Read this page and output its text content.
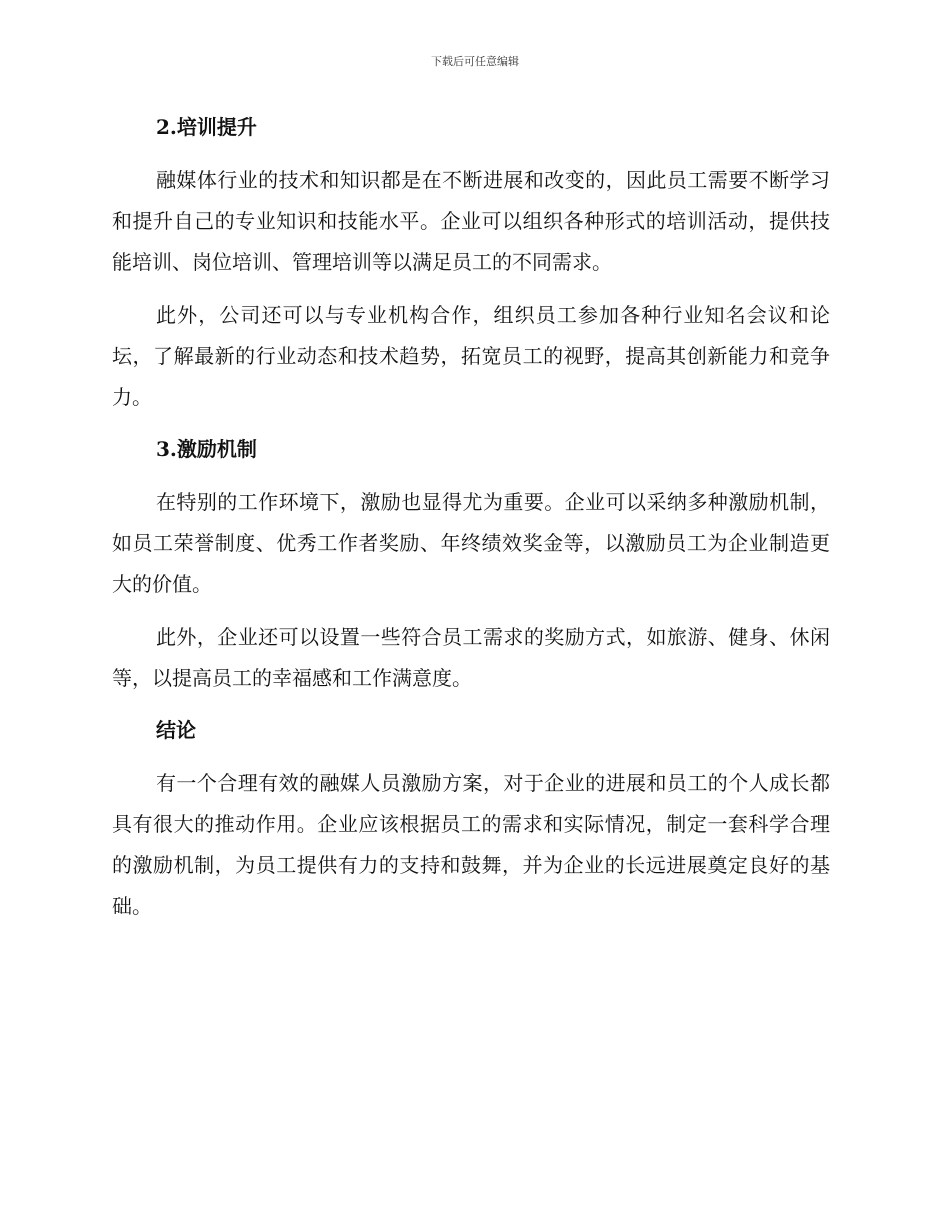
下载后可任意编辑
2.培训提升

融媒体行业的技术和知识都是在不断进展和改变的，因此员工需要不断学习和提升自己的专业知识和技能水平。企业可以组织各种形式的培训活动，提供技能培训、岗位培训、管理培训等以满足员工的不同需求。

此外，公司还可以与专业机构合作，组织员工参加各种行业知名会议和论坛，了解最新的行业动态和技术趋势，拓宽员工的视野，提高其创新能力和竞争力。

3.激励机制

在特别的工作环境下，激励也显得尤为重要。企业可以采纳多种激励机制，如员工荣誉制度、优秀工作者奖励、年终绩效奖金等，以激励员工为企业制造更大的价值。

此外，企业还可以设置一些符合员工需求的奖励方式，如旅游、健身、休闲等，以提高员工的幸福感和工作满意度。

结论

有一个合理有效的融媒人员激励方案，对于企业的进展和员工的个人成长都具有很大的推动作用。企业应该根据员工的需求和实际情况，制定一套科学合理的激励机制，为员工提供有力的支持和鼓舞，并为企业的长远进展奠定良好的基础。
